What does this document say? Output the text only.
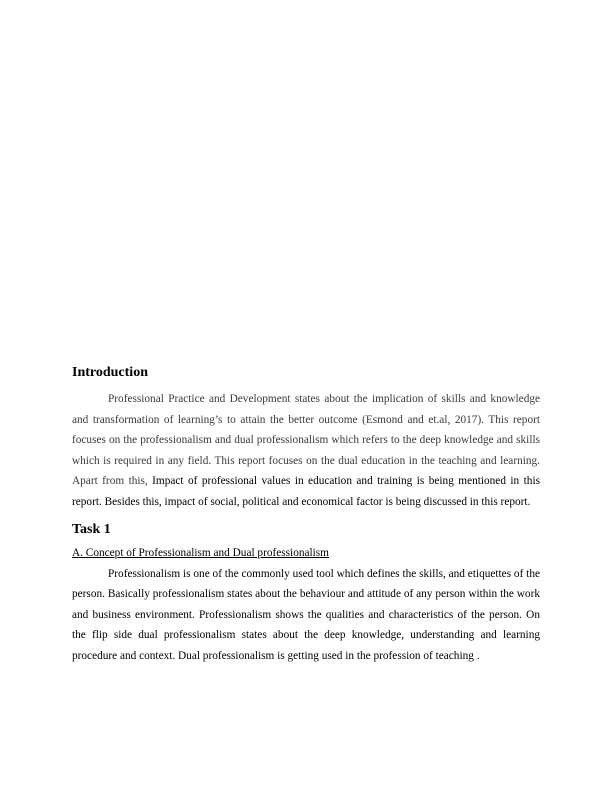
Introduction

Professional Practice and Development states about the implication of skills and knowledge and transformation of learning’s to attain the better outcome (Esmond and et.al, 2017). This report focuses on the professionalism and dual professionalism which refers to the deep knowledge and skills which is required in any field. This report focuses on the dual education in the teaching and learning. Apart from this, Impact of professional values in education and training is being mentioned in this report. Besides this, impact of social, political and economical factor is being discussed in this report.

Task 1
A. Concept of Professionalism and Dual professionalism

Professionalism is one of the commonly used tool which defines the skills, and etiquettes of the person. Basically professionalism states about the behaviour and attitude of any person within the work and business environment. Professionalism shows the qualities and characteristics of the person. On the flip side dual professionalism states about the deep knowledge, understanding and learning procedure and context. Dual professionalism is getting used in the profession of teaching .
